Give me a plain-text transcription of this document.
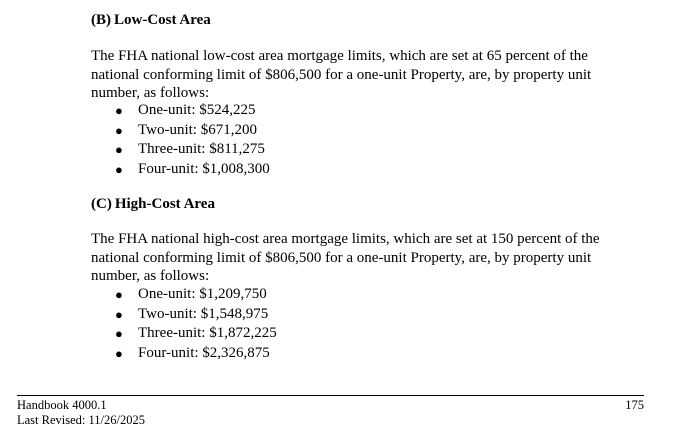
(B) Low-Cost Area
The FHA national low-cost area mortgage limits, which are set at 65 percent of the
national conforming limit of $806,500 for a one-unit Property, are, by property unit
number, as follows:
● One-unit: $524,225
● Two-unit: $671,200
● Three-unit: $811,275
● Four-unit: $1,008,300
(C) High-Cost Area
The FHA national high-cost area mortgage limits, which are set at 150 percent of the
national conforming limit of $806,500 for a one-unit Property, are, by property unit
number, as follows:
● One-unit: $1,209,750
● Two-unit: $1,548,975
● Three-unit: $1,872,225
● Four-unit: $2,326,875
Handbook 4000.1
Last Revised: 11/26/2025
175
